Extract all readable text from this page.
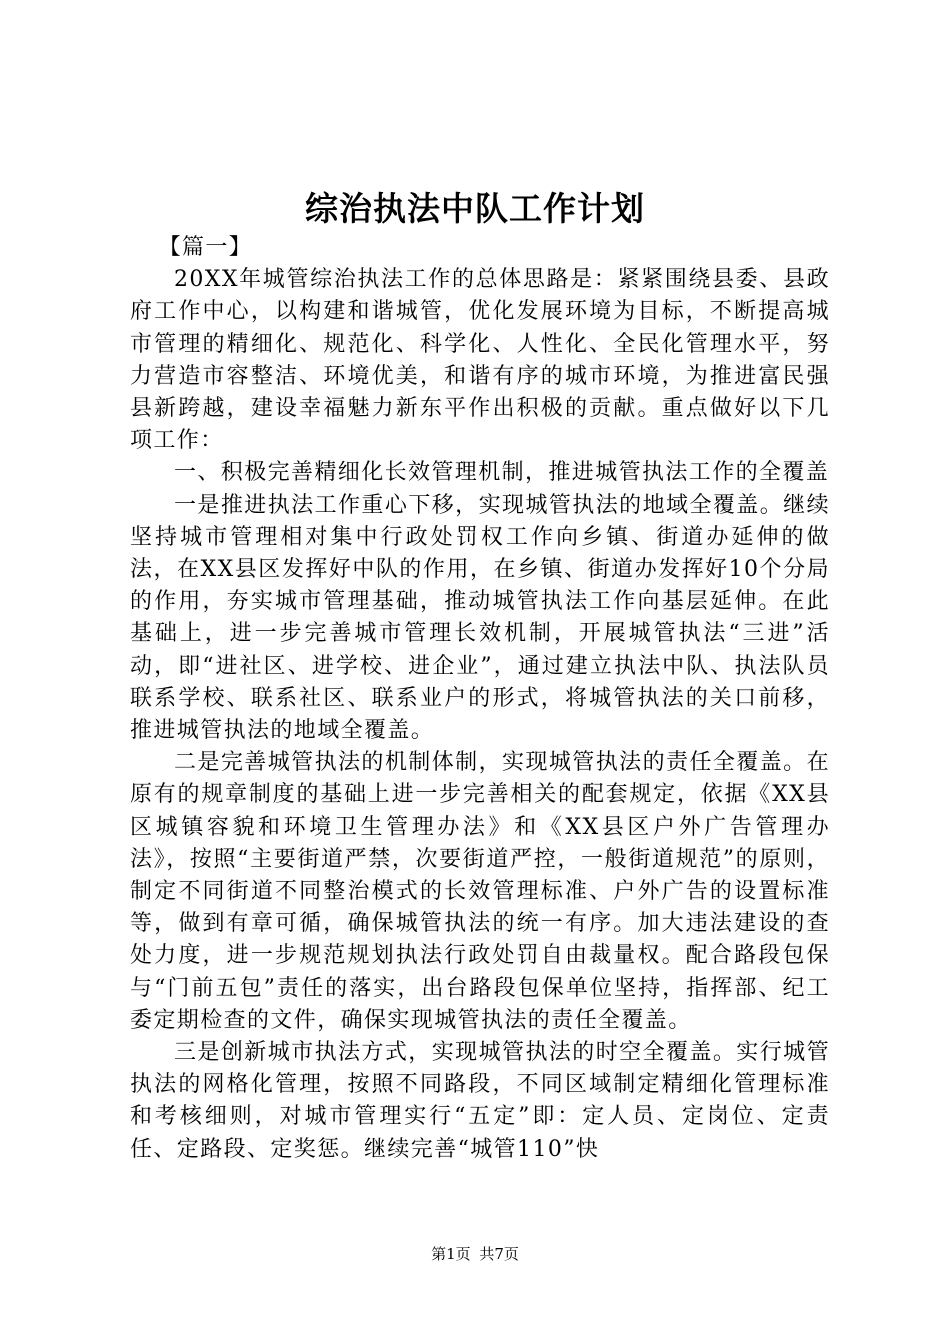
综治执法中队工作计划

【篇一】

20XX年城管综治执法工作的总体思路是：紧紧围绕县委、县政府工作中心，以构建和谐城管，优化发展环境为目标，不断提高城市管理的精细化、规范化、科学化、人性化、全民化管理水平，努力营造市容整洁、环境优美，和谐有序的城市环境，为推进富民强县新跨越，建设幸福魅力新东平作出积极的贡献。重点做好以下几项工作：

一、积极完善精细化长效管理机制，推进城管执法工作的全覆盖

一是推进执法工作重心下移，实现城管执法的地域全覆盖。继续坚持城市管理相对集中行政处罚权工作向乡镇、街道办延伸的做法，在XX县区发挥好中队的作用，在乡镇、街道办发挥好10个分局的作用，夯实城市管理基础，推动城管执法工作向基层延伸。在此基础上，进一步完善城市管理长效机制，开展城管执法“三进”活动，即“进社区、进学校、进企业”，通过建立执法中队、执法队员联系学校、联系社区、联系业户的形式，将城管执法的关口前移，推进城管执法的地域全覆盖。

二是完善城管执法的机制体制，实现城管执法的责任全覆盖。在原有的规章制度的基础上进一步完善相关的配套规定，依据《XX县区城镇容貌和环境卫生管理办法》和《XX县区户外广告管理办法》，按照“主要街道严禁，次要街道严控，一般街道规范”的原则，制定不同街道不同整治模式的长效管理标准、户外广告的设置标准等，做到有章可循，确保城管执法的统一有序。加大违法建设的查处力度，进一步规范规划执法行政处罚自由裁量权。配合路段包保与“门前五包”责任的落实，出台路段包保单位坚持，指挥部、纪工委定期检查的文件，确保实现城管执法的责任全覆盖。

三是创新城市执法方式，实现城管执法的时空全覆盖。实行城管执法的网格化管理，按照不同路段，不同区域制定精细化管理标准和考核细则，对城市管理实行“五定”即：定人员、定岗位、定责任、定路段、定奖惩。继续完善“城管110”快

第1页 共7页
